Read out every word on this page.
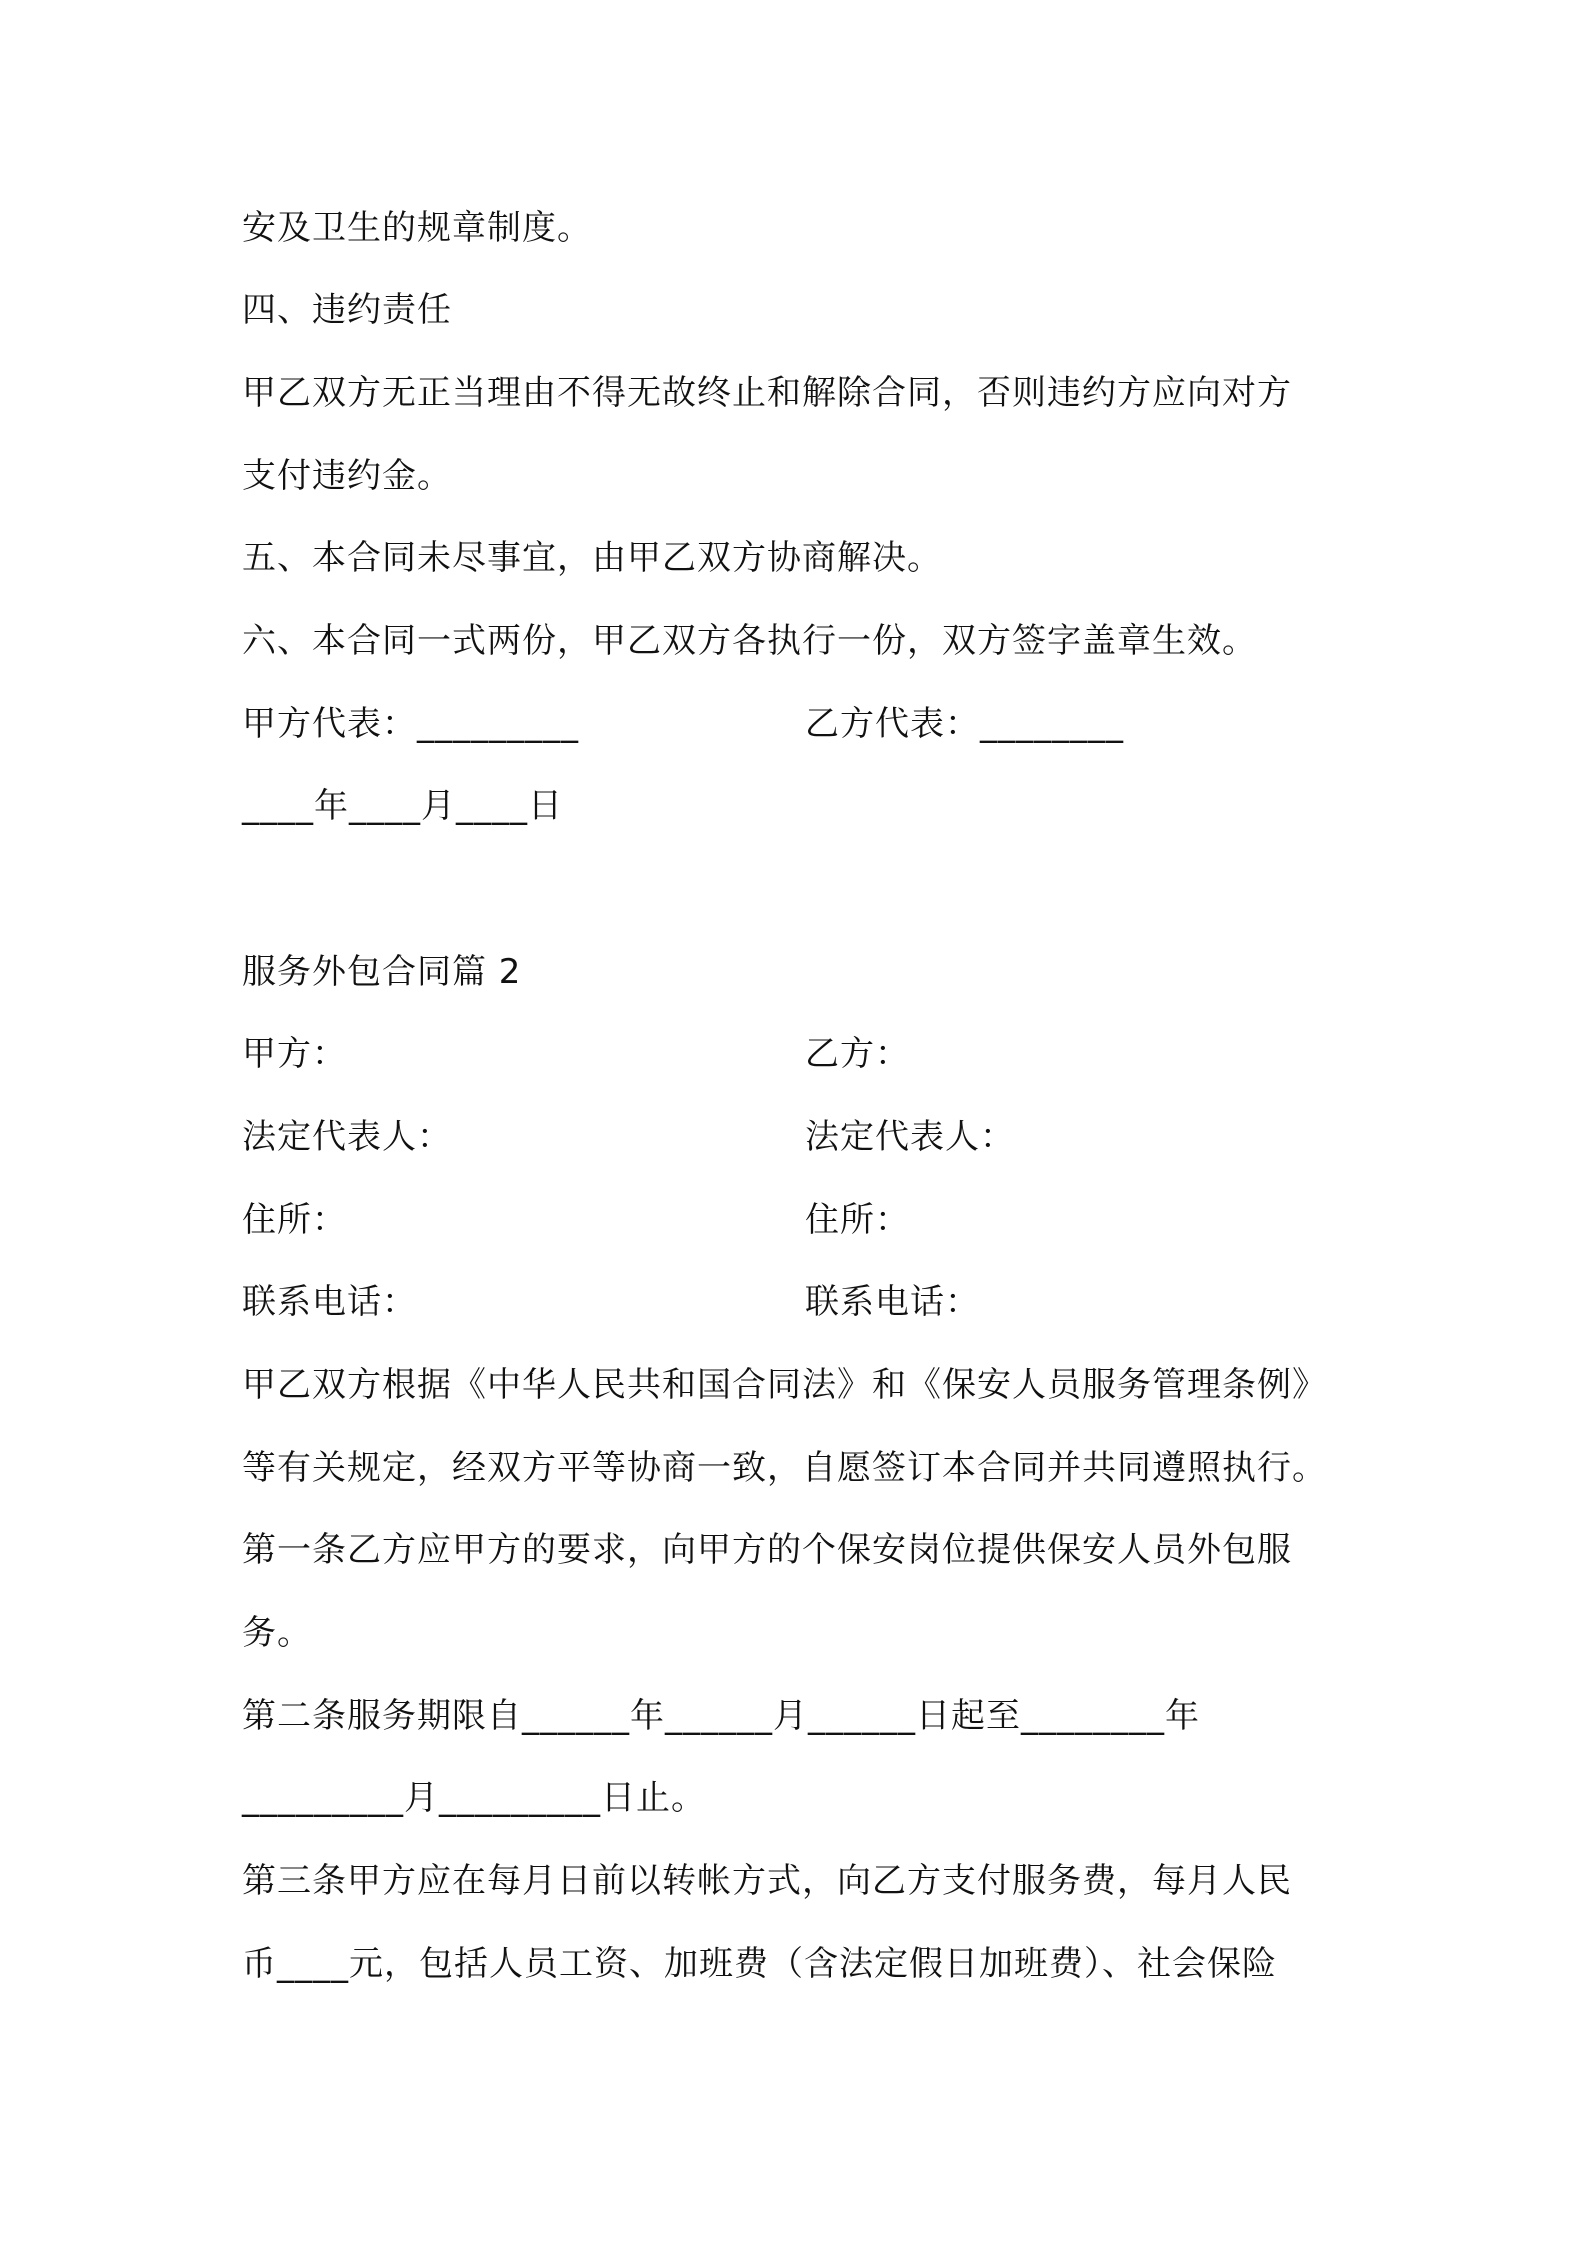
安及卫生的规章制度。
四、违约责任
甲乙双方无正当理由不得无故终止和解除合同，否则违约方应向对方
支付违约金。
五、本合同未尽事宜，由甲乙双方协商解决。
六、本合同一式两份，甲乙双方各执行一份，双方签字盖章生效。
甲方代表：_________	乙方代表：________
____年____月____日
服务外包合同篇 2
甲方：	乙方：
法定代表人：	法定代表人：
住所：	住所：
联系电话：	联系电话：
甲乙双方根据《中华人民共和国合同法》和《保安人员服务管理条例》
等有关规定，经双方平等协商一致，自愿签订本合同并共同遵照执行。
第一条乙方应甲方的要求，向甲方的个保安岗位提供保安人员外包服
务。
第二条服务期限自______年______月______日起至________年
_________月_________日止。
第三条甲方应在每月日前以转帐方式，向乙方支付服务费，每月人民
币____元，包括人员工资、加班费（含法定假日加班费）、社会保险
